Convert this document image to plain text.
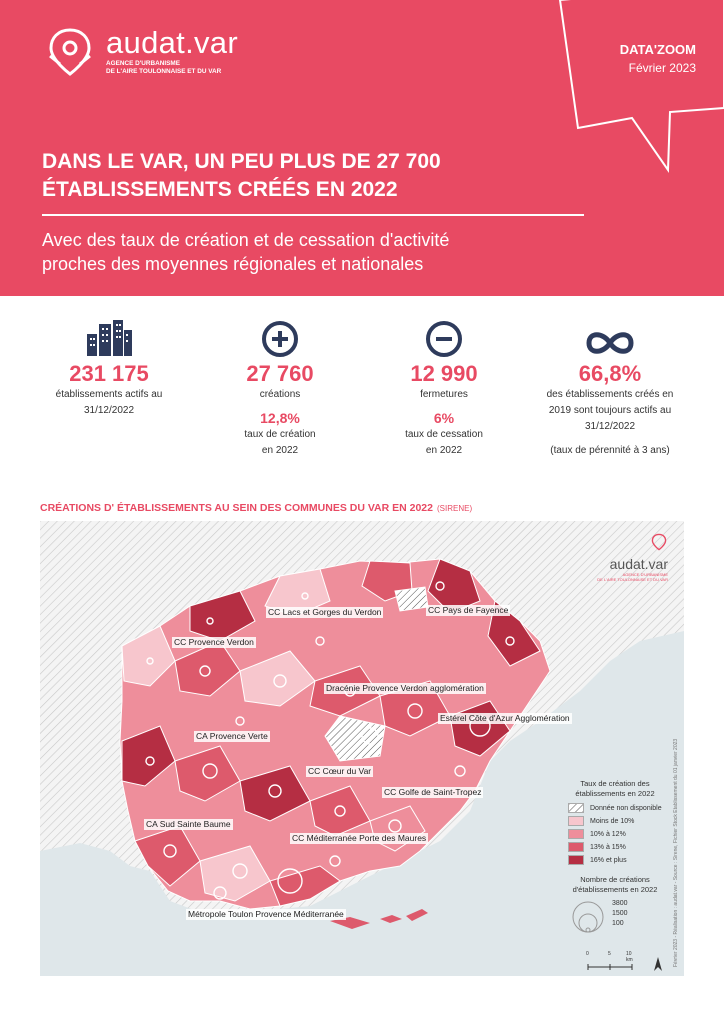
audat.var
AGENCE D'URBANISME
DE L'AIRE TOULONNAISE ET DU VAR
DATA'ZOOM
Février 2023
DANS LE VAR, UN PEU PLUS DE 27 700
ÉTABLISSEMENTS CRÉÉS EN 2022
Avec des taux de création et de cessation d'activité
proches des moyennes régionales et nationales
231 175
établissements actifs au
31/12/2022
27 760
créations
12,8%
taux de création
en 2022
12 990
fermetures
6%
taux de cessation
en 2022
66,8%
des établissements créés en
2019 sont toujours actifs au
31/12/2022
(taux de pérennité à 3 ans)
CRÉATIONS D' ÉTABLISSEMENTS AU SEIN DES COMMUNES DU VAR EN 2022 (SIRENE)
CC Lacs et Gorges du Verdon	CC Pays de Fayence
CC Provence Verdon
Dracénie Provence Verdon agglomération
Estérel Côte d'Azur Agglomération
CA Provence Verte
CC Cœur du Var
CC Golfe de Saint-Tropez
CA Sud Sainte Baume
CC Méditerranée Porte des Maures
Métropole Toulon Provence Méditerranée
audat.var
AGENCE D'URBANISME
DE L'AIRE TOULONNAISE ET DU VAR
Taux de création des
établissements en 2022
Donnée non disponible
Moins de 10%
10% à 12%
13% à 15%
16% et plus
Nombre de créations
d'établissements en 2022
3800
1500
100
0	5	10 km	Février 2023 - Réalisation : audat.var - Source : Sirene, Fichier Stock Etablissement du 01 janvier 2023
